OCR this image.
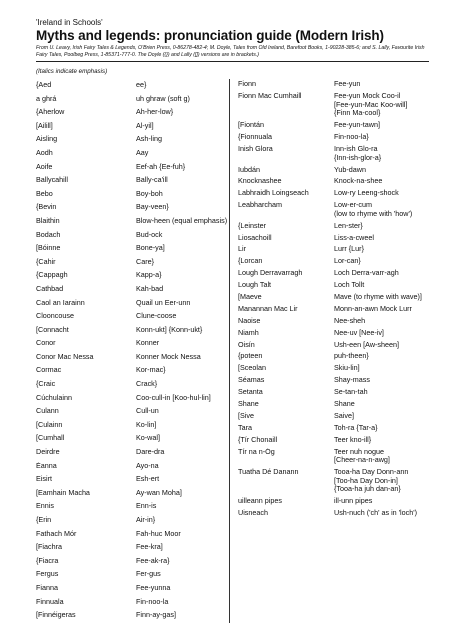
'Ireland in Schools'

Myths and legends: pronunciation guide (Modern Irish)

From U. Leavy, Irish Fairy Tales & Legends, O'Brien Press, 0-86278-482-4; M. Doyle, Tales from Old Ireland, Barefoot Books, 1-90228-385-6; and S. Lally, Favourite Irish Fairy Tales, Poolbeg Press, 1-85371-777-0. The Doyle ({}) and Lally ([]) versions are in brackets.)

(Italics indicate emphasis)

{Aed	ee}
a ghrá	uh ghraw (soft g)
{Aherlow	Ah-her-low}
[Ailill]	Al-yil]
Aisling	Ash-ling
Aodh	Aay
Aoife	Eef-ah {Ee-fuh}
Ballycahill	Bally-ca'ill
Bebo	Boy-boh
{Bevin	Bay-veen}
Blaithin	Blow-heen (equal emphasis)
Bodach	Bud-ock
[Bóinne	Bone-ya]
{Cahir	Care}
{Cappagh	Kapp-a}
Cathbad	Kah-bad
Caol an Iarainn	Quail un Eer-unn
Clooncouse	Clune-coose
[Connacht	Konn-ukt] {Konn-ukt}
Conor	Konner
Conor Mac Nessa	Konner Mock Nessa
Cormac	Kor-mac}
{Craic	Crack}
Cúchulainn	Coo-cull-in [Koo-hul-lin]
Culann	Cull-un
[Culainn	Ko-lin]
[Cumhall	Ko-wal]
Deirdre	Dare-dra
Éanna	Ayo-na
Eisirt	Esh-ert
[Eamhain Macha	Ay-wan Moha]
Ennis	Enn-is
{Erin	Air-in}
Fathach Mór	Fah-huc Moor
[Fiachra	Fee-kra]
{Fiacra	Fee-ak-ra}
Fergus	Fer-gus
Fianna	Fee-yunna
Finnuala	Fin-noo-la
[Finnéigeras	Finn-ay-gas]
Fionn	Fee-yun
Fionn Mac Cumhaill	Fee-yun Mock Coo-il
[Fee-yun-Mac Koo-will]
{Finn Ma-cool}
[Fiontán	Fee-yun-tawn]
{Fionnuala	Fin-noo-la}
Inish Glora	Inn-ish Glo-ra
{Inn-ish-glor-a}
Iubdán	Yub-dawn
Knocknashee	Knock-na-shee
Labhraidh Loingseach	Low-ry Leeng-shock
Leabharcham	Low-er-cum
(low to rhyme with 'how')
{Leinster	Len-ster}
Liosachoill	Liss-a-cweel
Lir	Lurr {Lur}
{Lorcan	Lor-can}
Lough Derravarragh	Loch Derra-varr-agh
Lough Talt	Loch Tollt
[Maeve	Mave (to rhyme with wave)]
Manannan Mac Lir	Monn-an-awn Mock Lurr
Naoise	Nee-sheh
Niamh	Nee-uv [Nee-iv]
Oisín	Ush-een [Aw-sheen]
{poteen	puh-theen}
[Sceolan	Skiu-lin]
Séamas	Shay-mass
Setanta	Se-tan-tah
Shane	Shane
[Sive	Saive]
Tara	Toh-ra {Tar-a}
{Tír Chonaill	Teer kno-ill}
Tír na n-Óg	Teer nuh nogue
[Cheer-na-n-awg]
Tuatha Dé Danann	Tooa-ha Day Donn-ann
[Too-ha Day Don-in]
{Tooa-ha juh dan-an}
uilleann pipes	ill-unn pipes
Uisneach	Ush-nuch ('ch' as in 'loch')
